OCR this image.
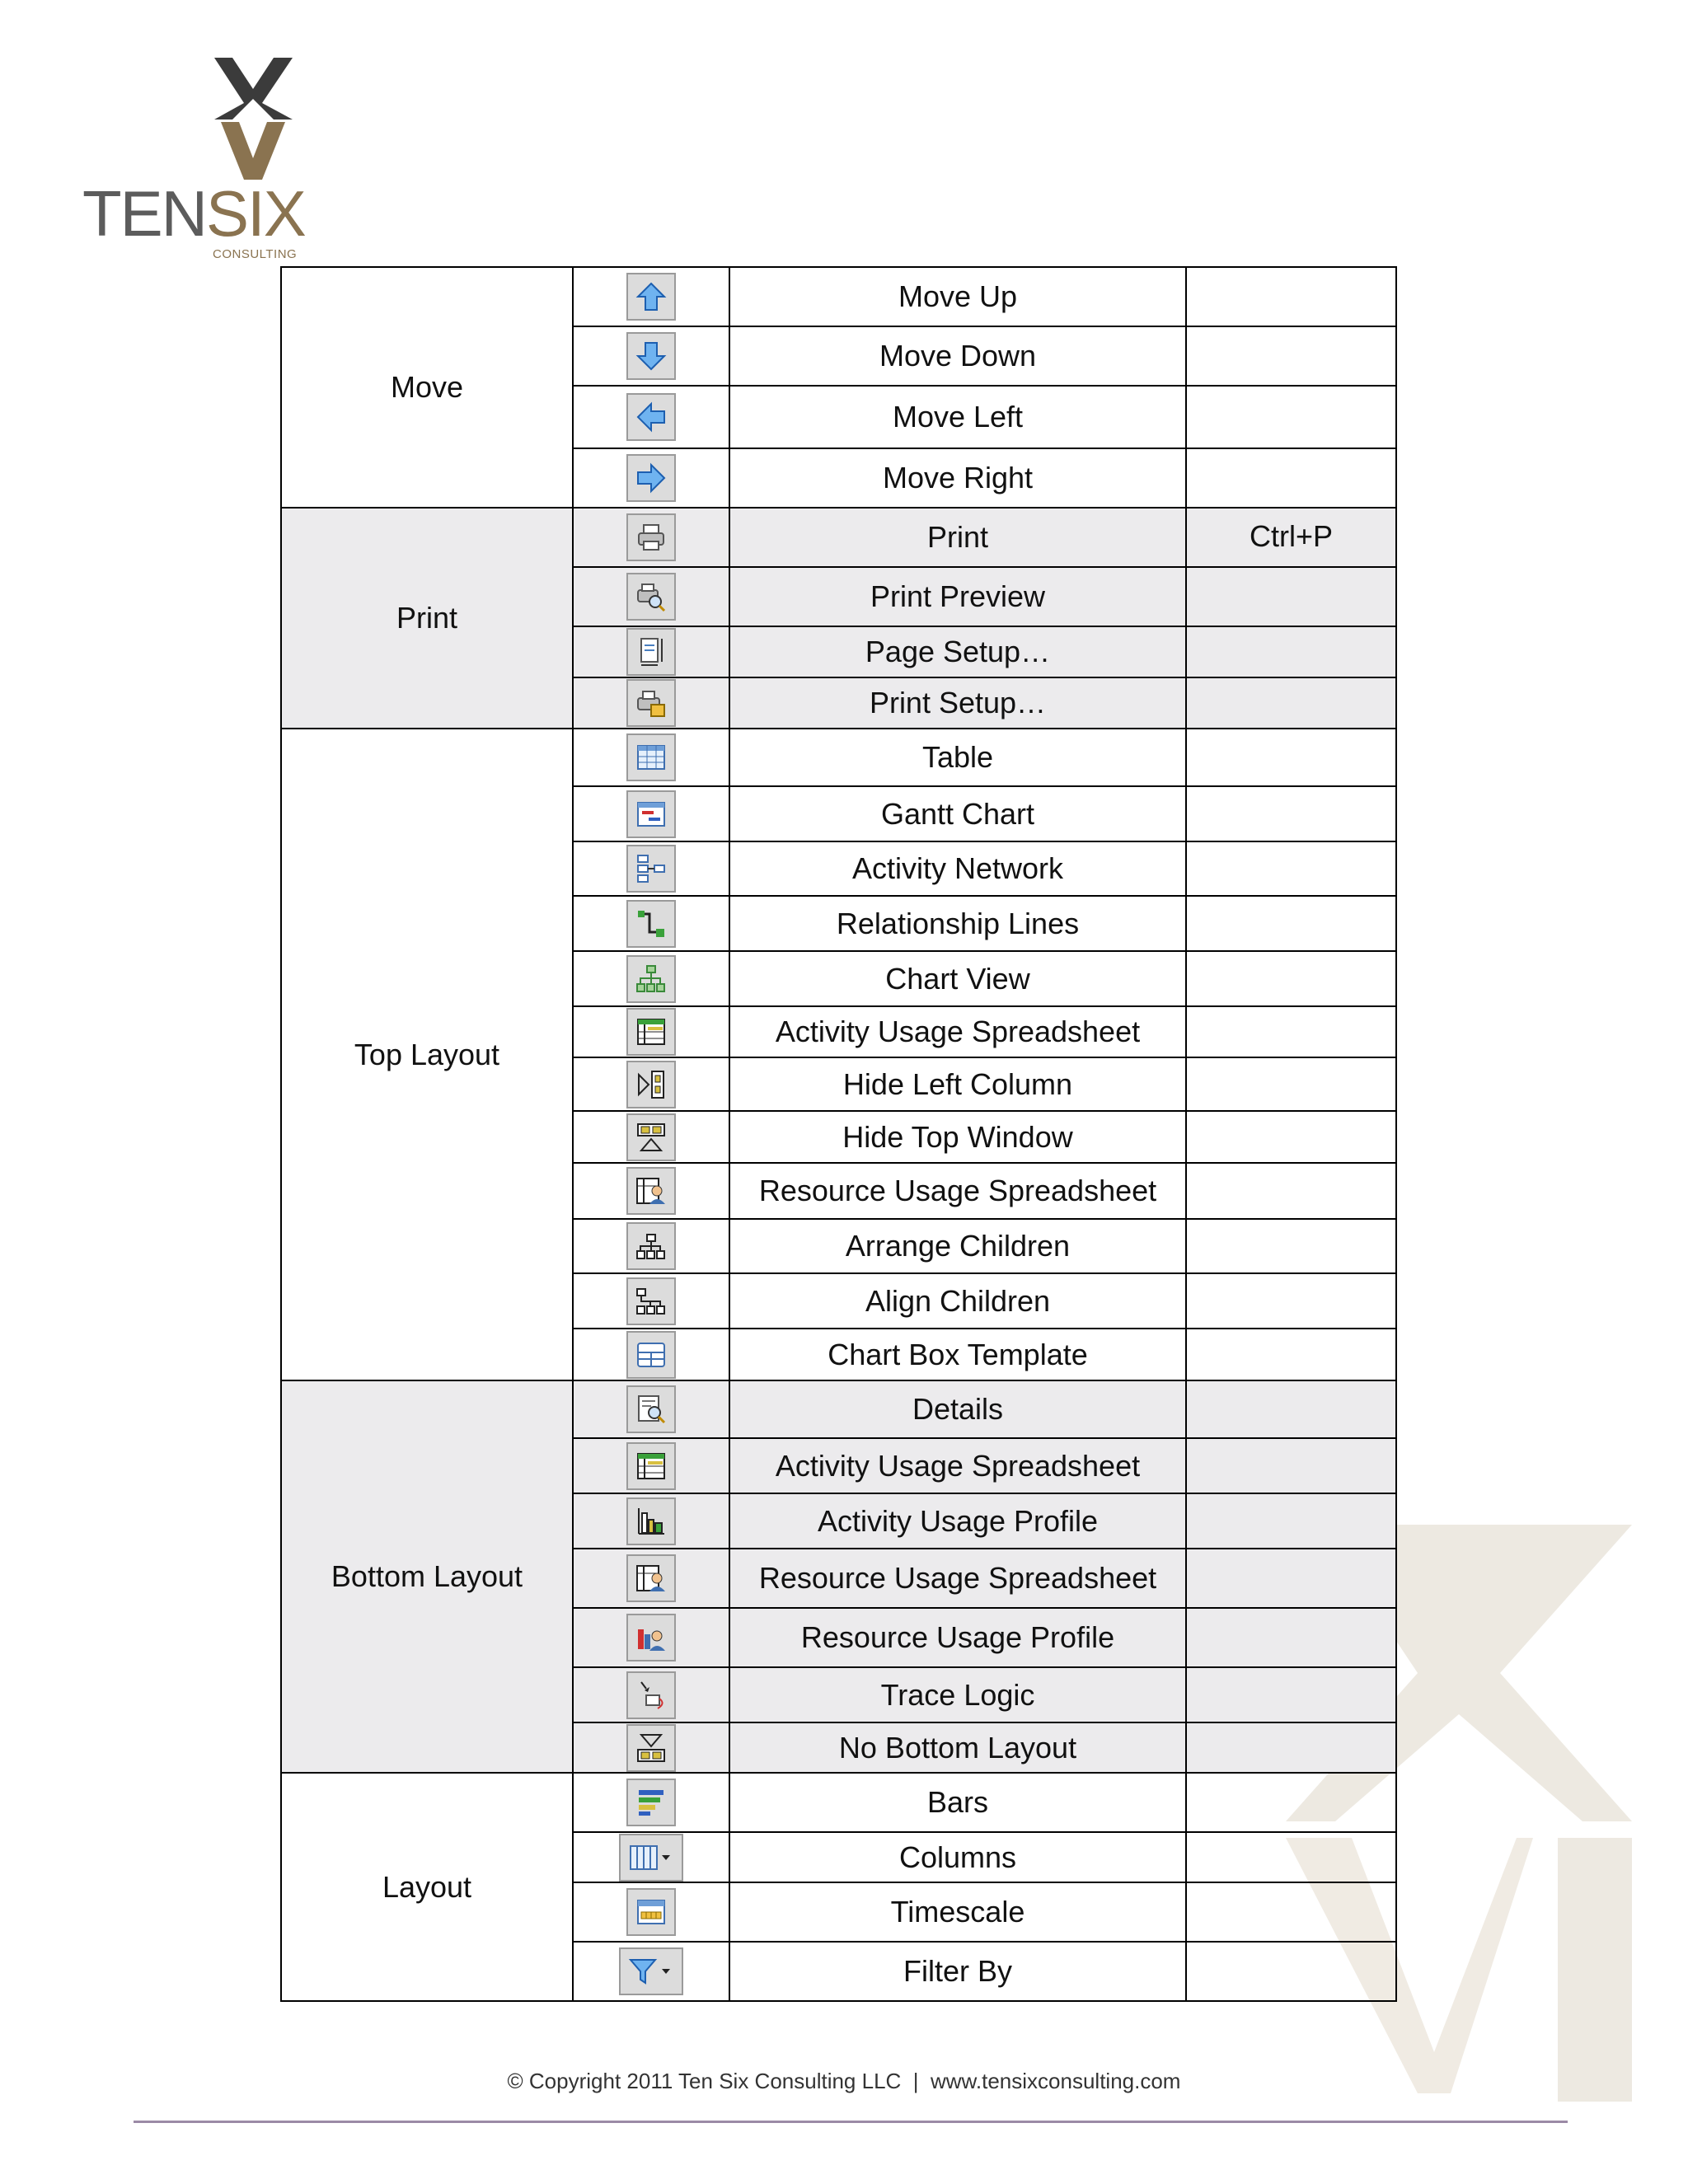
TENSIX
CONSULTING
Move		Move Up	

	Move Down	

	Move Left	

	Move Right	

Print		Print	Ctrl+P

	Print Preview	

	Page Setup…	

	Print Setup…	

Top Layout		Table	

	Gantt Chart	

	Activity Network	

	Relationship Lines	

	Chart View	

	Activity Usage Spreadsheet	

	Hide Left Column	

	Hide Top Window	

	Resource Usage Spreadsheet	

	Arrange Children	

	Align Children	

	Chart Box Template	

Bottom Layout		Details	

	Activity Usage Spreadsheet	

	Activity Usage Profile	

	Resource Usage Spreadsheet	

	Resource Usage Profile	

	Trace Logic	

	No Bottom Layout	

Layout		Bars	

	Columns	

	Timescale	

	Filter By	
© Copyright 2011 Ten Six Consulting LLC | www.tensixconsulting.com
